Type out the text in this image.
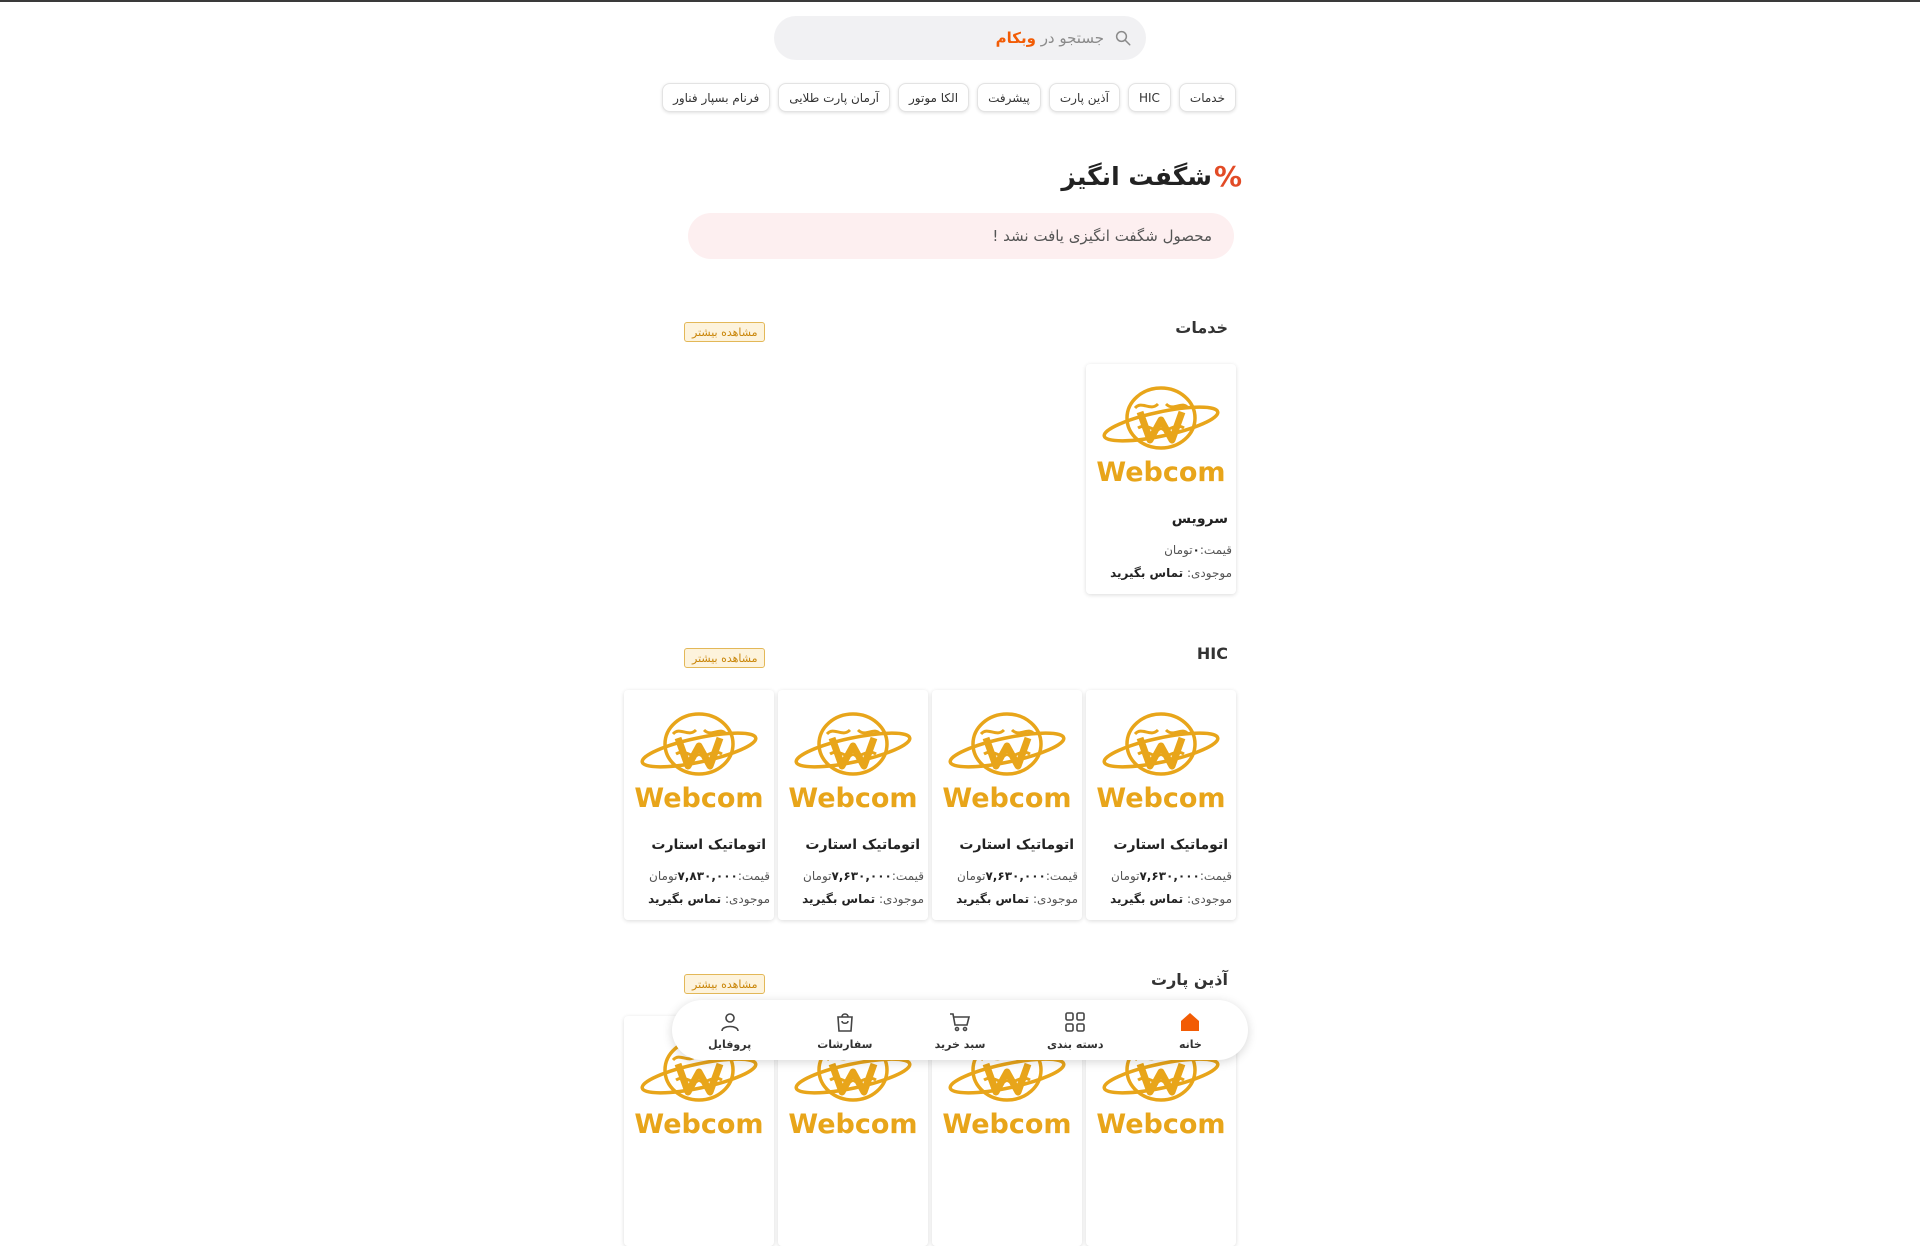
جستجو در وبکام
خدمات
HIC
آذین پارت
پیشرفت
الکا موتور
آرمان پارت طلایی
فرنام بسپار فناور
%
شگفت انگیز
محصول شگفت انگیزی یافت نشد !
خدمات
مشاهده بیشتر
Webcom
سرویس
قیمت:۰تومان
موجودی: تماس بگیرید
HIC
مشاهده بیشتر
Webcom
اتوماتیک استارت
قیمت:۷,۶۳۰,۰۰۰تومان
موجودی: تماس بگیرید
Webcom
اتوماتیک استارت
قیمت:۷,۶۳۰,۰۰۰تومان
موجودی: تماس بگیرید
Webcom
اتوماتیک استارت
قیمت:۷,۶۳۰,۰۰۰تومان
موجودی: تماس بگیرید
Webcom
اتوماتیک استارت
قیمت:۷,۸۳۰,۰۰۰تومان
موجودی: تماس بگیرید
آذین پارت
مشاهده بیشتر
Webcom
Webcom
Webcom
Webcom
خانه
دسته بندی
سبد خرید
سفارشات
پروفایل
